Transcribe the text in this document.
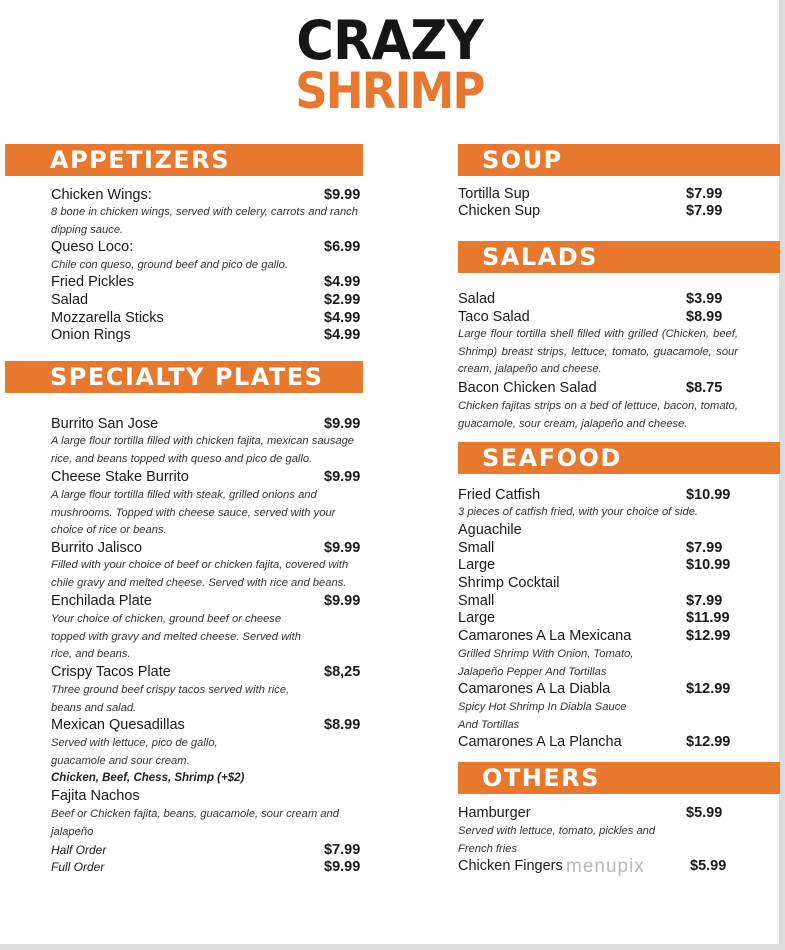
CRAZY
SHRIMP
APPETIZERS
Chicken Wings:	$9.99
8 bone in chicken wings, served with celery, carrots and ranch dipping sauce.
Queso Loco:	$6.99
Chile con queso, ground beef and pico de gallo.
Fried Pickles	$4.99
Salad	$2.99
Mozzarella Sticks	$4.99
Onion Rings	$4.99
SPECIALTY PLATES
Burrito San Jose	$9.99
A large flour tortilla filled with chicken fajita, mexican sausage rice, and beans topped with queso and pico de gallo.
Cheese Stake Burrito	$9.99
A large flour tortilla filled with steak, grilled onions and mushrooms. Topped with cheese sauce, served with your choice of rice or beans.
Burrito Jalisco	$9.99
Filled with your choice of beef or chicken fajita, covered with chile gravy and melted cheese. Served with rice and beans.
Enchilada Plate	$9.99
Your choice of chicken, ground beef or cheese topped with gravy and melted cheese. Served with rice, and beans.
Crispy Tacos Plate	$8,25
Three ground beef crispy tacos served with rice, beans and salad.
Mexican Quesadillas	$8.99
Served with lettuce, pico de gallo, guacamole and sour cream.
Chicken, Beef, Chess, Shrimp (+$2)
Fajita Nachos
Beef or Chicken fajita, beans, guacamole, sour cream and jalapeño
Half Order	$7.99
Full Order	$9.99
SOUP
Tortilla Sup	$7.99
Chicken Sup	$7.99
SALADS
Salad	$3.99
Taco Salad	$8.99
Large flour tortilla shell filled with grilled (Chicken, beef, Shrimp) breast strips, lettuce, tomato, guacamole, sour cream, jalapeño and cheese.
Bacon Chicken Salad	$8.75
Chicken fajitas strips on a bed of lettuce, bacon, tomato, guacamole, sour cream, jalapeño and cheese.
SEAFOOD
Fried Catfish	$10.99
3 pieces of catfish fried, with your choice of side.
Aguachile
Small	$7.99
Large	$10.99
Shrimp Cocktail
Small	$7.99
Large	$11.99
Camarones A La Mexicana	$12.99
Grilled Shrimp With Onion, Tomato, Jalapeño Pepper And Tortillas
Camarones A La Diabla	$12.99
Spicy Hot Shrimp In Diabla Sauce And Tortillas
Camarones A La Plancha	$12.99
OTHERS
Hamburger	$5.99
Served with lettuce, tomato, pickles and French fries
Chicken Fingers	$5.99
menupix
